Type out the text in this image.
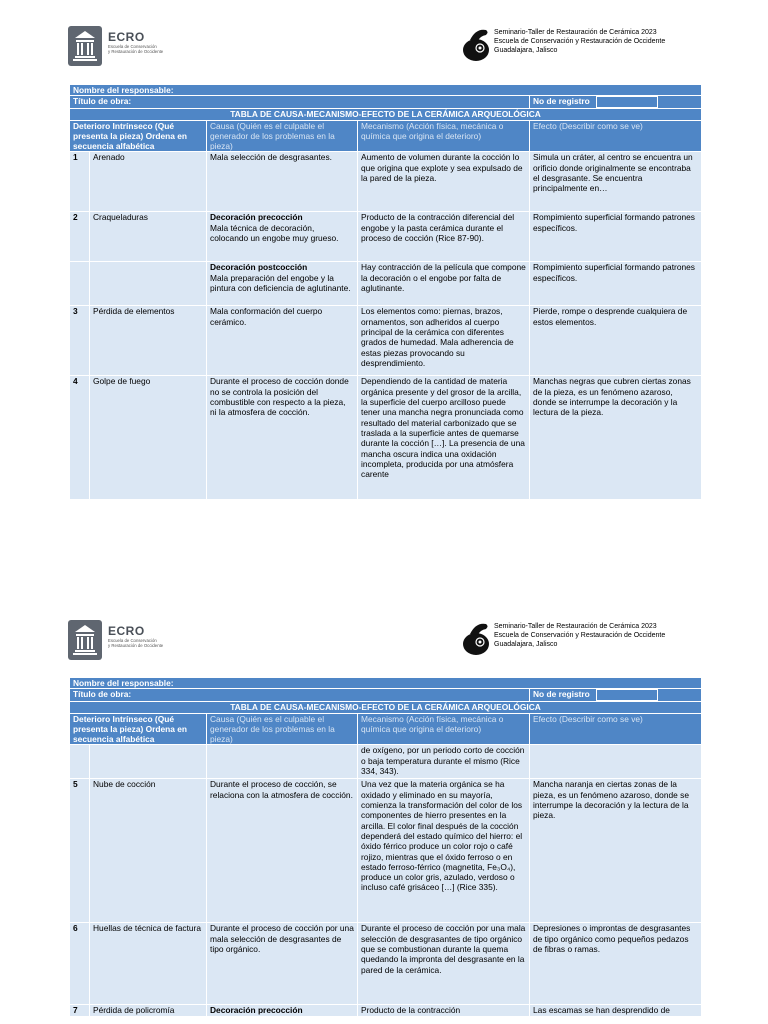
ECRO
Escuela de Conservación
y Restauración de Occidente
Seminario-Taller de Restauración de Cerámica 2023
Escuela de Conservación y Restauración de Occidente
Guadalajara, Jalisco
Nombre del responsable:				
Título de obra:				No de registro
TABLA DE CAUSA-MECANISMO-EFECTO DE LA CERÁMICA ARQUEOLÓGICA				
Deterioro Intrínseco (Qué presenta la pieza) Ordena en secuencia alfabética		Causa (Quién es el culpable el generador de los problemas en la pieza)	Mecanismo (Acción física, mecánica o química que origina el deterioro)	Efecto (Describir como se ve)
1	Arenado	Mala selección de desgrasantes.	Aumento de volumen durante la cocción lo que origina que explote y sea expulsado de la pared de la pieza.	Simula un cráter, al centro se encuentra un orificio donde originalmente se encontraba el desgrasante. Se encuentra principalmente en…
2	Craqueladuras	Decoración precocción
Mala técnica de decoración, colocando un engobe muy grueso.	Producto de la contracción diferencial del engobe y la pasta cerámica durante el proceso de cocción (Rice 87-90).	Rompimiento superficial formando patrones específicos.

		Decoración postcocción
Mala preparación del engobe y la pintura con deficiencia de aglutinante.	Hay contracción de la película que compone la decoración o el engobe por falta de aglutinante.	Rompimiento superficial formando patrones específicos.
3	Pérdida de elementos	Mala conformación del cuerpo cerámico.	Los elementos como: piernas, brazos, ornamentos, son adheridos al cuerpo principal de la cerámica con diferentes grados de humedad. Mala adherencia de estas piezas provocando su desprendimiento.	Pierde, rompe o desprende cualquiera de estos elementos.
4	Golpe de fuego	Durante el proceso de cocción donde no se controla la posición del combustible con respecto a la pieza, ni la atmosfera de cocción.	Dependiendo de la cantidad de materia orgánica presente y del grosor de la arcilla, la superficie del cuerpo arcilloso puede tener una mancha negra pronunciada como resultado del material carbonizado que se traslada a la superficie antes de quemarse durante la cocción […]. La presencia de una mancha oscura indica una oxidación incompleta, producida por una atmósfera carente	Manchas negras que cubren ciertas zonas de la pieza, es un fenómeno azaroso, donde se interrumpe la decoración y la lectura de la pieza.
ECRO
Escuela de Conservación
y Restauración de Occidente
Seminario-Taller de Restauración de Cerámica 2023
Escuela de Conservación y Restauración de Occidente
Guadalajara, Jalisco
Nombre del responsable:				
Título de obra:				No de registro
TABLA DE CAUSA-MECANISMO-EFECTO DE LA CERÁMICA ARQUEOLÓGICA				
Deterioro Intrínseco (Qué presenta la pieza) Ordena en secuencia alfabética		Causa (Quién es el culpable el generador de los problemas en la pieza)	Mecanismo (Acción física, mecánica o química que origina el deterioro)	Efecto (Describir como se ve)
			de oxígeno, por un periodo corto de cocción o baja temperatura durante el mismo (Rice 334, 343).	
5	Nube de cocción	Durante el proceso de cocción, se relaciona con la atmosfera de cocción.	Una vez que la materia orgánica se ha oxidado y eliminado en su mayoría, comienza la transformación del color de los componentes de hierro presentes en la arcilla. El color final después de la cocción dependerá del estado químico del hierro: el óxido férrico produce un color rojo o café rojizo, mientras que el óxido ferroso o en estado ferroso-férrico (magnetita, Fe₃O₄), produce un color gris, azulado, verdoso o incluso café grisáceo […] (Rice 335).	Mancha naranja en ciertas zonas de la pieza, es un fenómeno azaroso, donde se interrumpe la decoración y la lectura de la pieza.
6	Huellas de técnica de factura	Durante el proceso de cocción por una mala selección de desgrasantes de tipo orgánico.	Durante el proceso de cocción por una mala selección de desgrasantes de tipo orgánico que se combustionan durante la quema quedando la impronta del desgrasante en la pared de la cerámica.	Depresiones o improntas de desgrasantes de tipo orgánico como pequeños pedazos de fibras o ramas.
7	Pérdida de policromía	Decoración precocción	Producto de la contracción	Las escamas se han desprendido de
